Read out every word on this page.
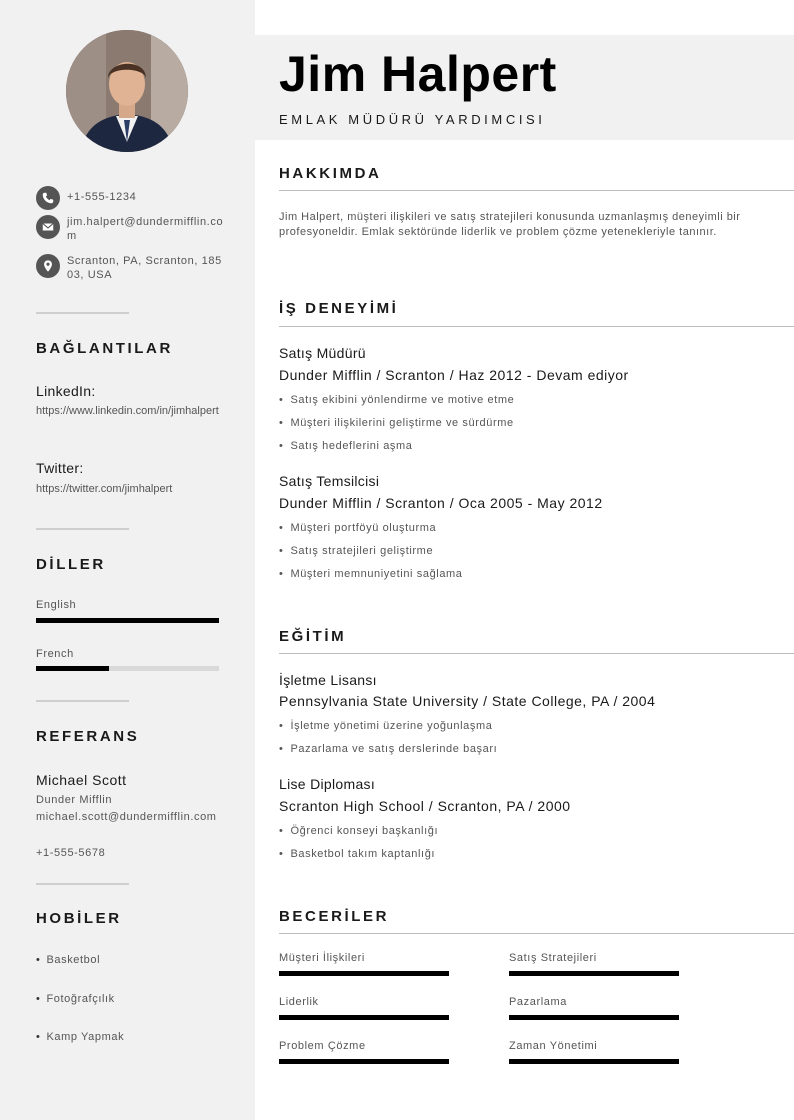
+1-555-1234
jim.halpert@dundermifflin.com
Scranton, PA, Scranton, 18503, USA
BAĞLANTILAR
LinkedIn:
https://www.linkedin.com/in/jimhalpert
Twitter:
https://twitter.com/jimhalpert
DİLLER
English
French
REFERANS
Michael Scott
Dunder Mifflin
michael.scott@dundermifflin.com
+1-555-5678
HOBİLER
• Basketbol
• Fotoğrafçılık
• Kamp Yapmak
Jim Halpert
EMLAK MÜDÜRÜ YARDIMCISI
HAKKIMDA
Jim Halpert, müşteri ilişkileri ve satış stratejileri konusunda uzmanlaşmış deneyimli bir profesyoneldir. Emlak sektöründe liderlik ve problem çözme yetenekleriyle tanınır.
İŞ DENEYİMİ
Satış Müdürü
Dunder Mifflin / Scranton / Haz 2012 - Devam ediyor
• Satış ekibini yönlendirme ve motive etme
• Müşteri ilişkilerini geliştirme ve sürdürme
• Satış hedeflerini aşma
Satış Temsilcisi
Dunder Mifflin / Scranton / Oca 2005 - May 2012
• Müşteri portföyü oluşturma
• Satış stratejileri geliştirme
• Müşteri memnuniyetini sağlama
EĞİTİM
İşletme Lisansı
Pennsylvania State University / State College, PA / 2004
• İşletme yönetimi üzerine yoğunlaşma
• Pazarlama ve satış derslerinde başarı
Lise Diploması
Scranton High School / Scranton, PA / 2000
• Öğrenci konseyi başkanlığı
• Basketbol takım kaptanlığı
BECERİLER
Müşteri İlişkileri	Satış Stratejileri
Liderlik	Pazarlama
Problem Çözme	Zaman Yönetimi
